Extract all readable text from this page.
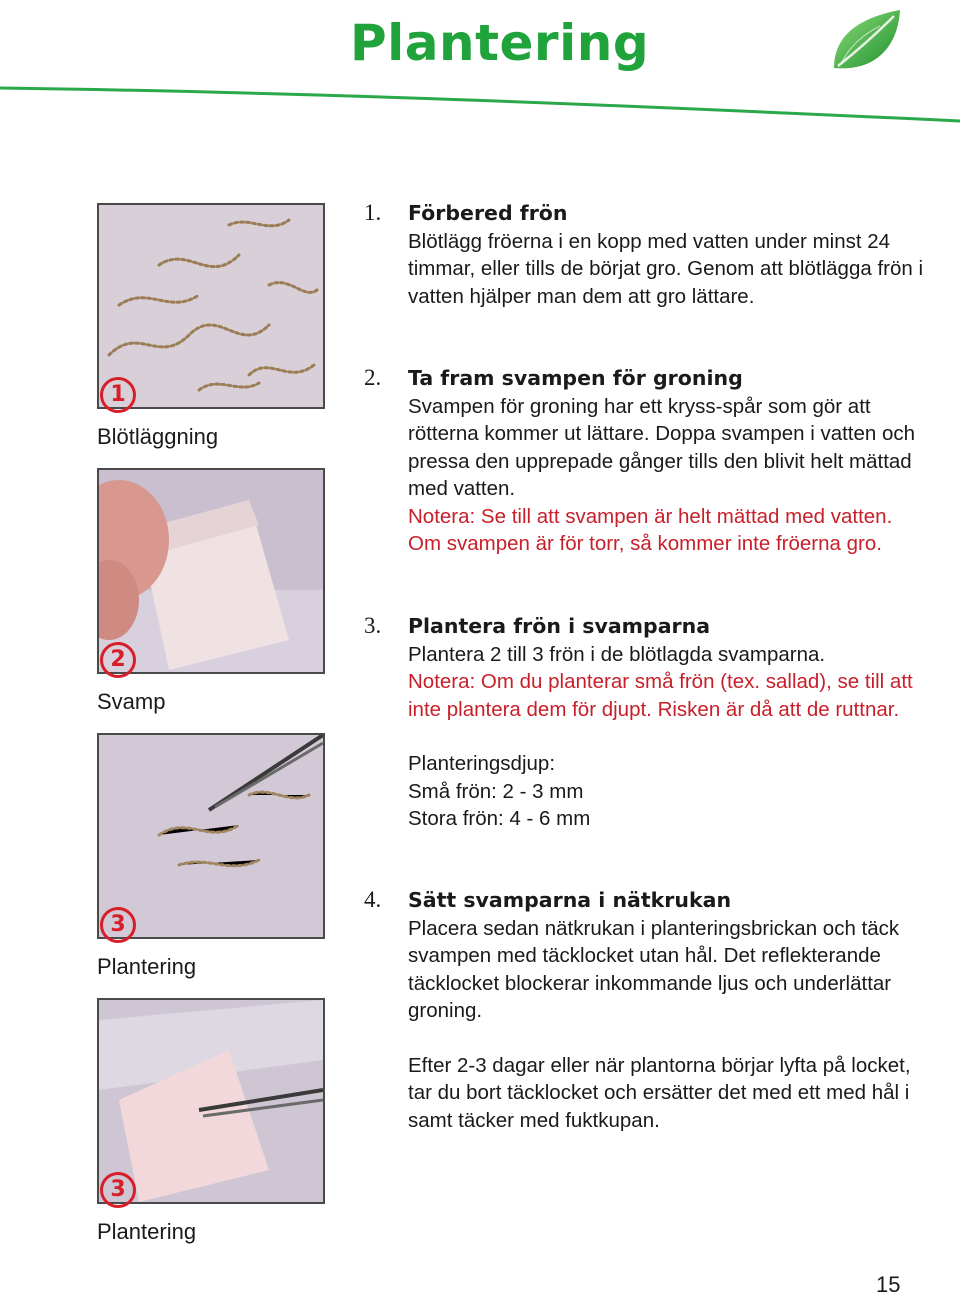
Plantering
1
Blötläggning
2
Svamp
3
Plantering
3
Plantering
1. Förbered frön
Blötlägg fröerna i en kopp med vatten under minst 24 timmar, eller tills de börjat gro. Genom att blötlägga frön i vatten hjälper man dem att gro lättare.
2. Ta fram svampen för groning
Svampen för groning har ett kryss-spår som gör att rötterna kommer ut lättare. Doppa svampen i vatten och pressa den upprepade gånger tills den blivit helt mättad med vatten.
Notera: Se till att svampen är helt mättad med vatten. Om svampen är för torr, så kommer inte fröerna gro.
3. Plantera frön i svamparna
Plantera 2 till 3 frön i de blötlagda svamparna.
Notera: Om du planterar små frön (tex. sallad), se till att inte plantera dem för djupt. Risken är då att de ruttnar.
Planteringsdjup:
Små frön: 2 - 3 mm
Stora frön: 4 - 6 mm
4. Sätt svamparna i nätkrukan
Placera sedan nätkrukan i planteringsbrickan och täck svampen med täcklocket utan hål. Det reflekterande täcklocket blockerar inkommande ljus och underlättar groning.
Efter 2-3 dagar eller när plantorna börjar lyfta på locket, tar du bort täcklocket och ersätter det med ett med hål i samt täcker med fuktkupan.
15
